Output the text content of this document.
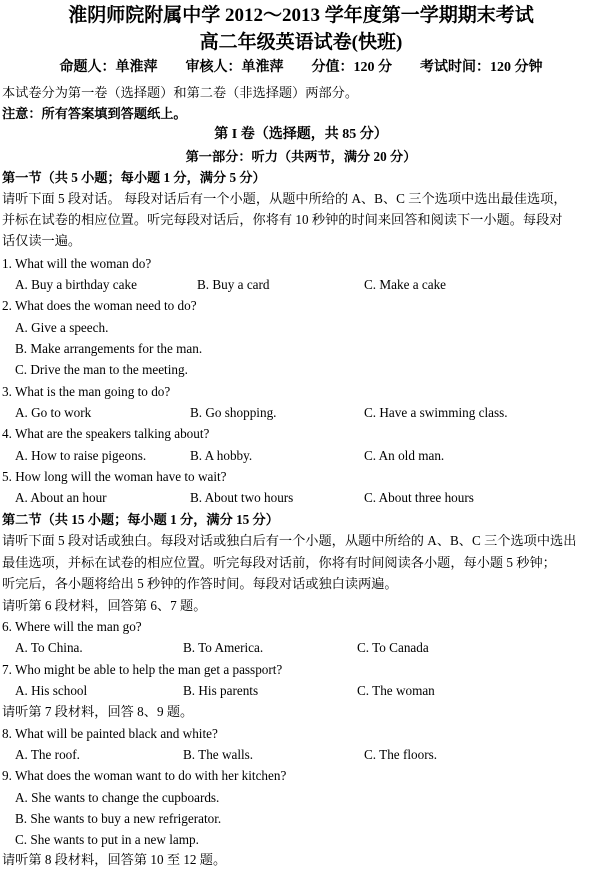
淮阴师院附属中学 2012～2013 学年度第一学期期末考试
高二年级英语试卷(快班)
命题人：单淮萍　　审核人：单淮萍　　分值：120 分　　考试时间：120 分钟
本试卷分为第一卷（选择题）和第二卷（非选择题）两部分。
注意：所有答案填到答题纸上。
第 I 卷（选择题，共 85 分）
第一部分：听力（共两节，满分 20 分）
第一节（共 5 小题；每小题 1 分，满分 5 分）
请听下面 5 段对话。 每段对话后有一个小题，从题中所给的 A、B、C 三个选项中选出最佳选项，
并标在试卷的相应位置。听完每段对话后，你将有 10 秒钟的时间来回答和阅读下一小题。每段对
话仅读一遍。
1. What will the woman do?
A. Buy a birthday cake	B. Buy a card	C. Make a cake
2. What does the woman need to do?
A. Give a speech.
B. Make arrangements for the man.
C. Drive the man to the meeting.
3. What is the man going to do?
A. Go to work	B. Go shopping.	C. Have a swimming class.
4. What are the speakers talking about?
A. How to raise pigeons.	B. A hobby.	C. An old man.
5. How long will the woman have to wait?
A. About an hour	B. About two hours	C. About three hours
第二节（共 15 小题；每小题 1 分，满分 15 分）
请听下面 5 段对话或独白。每段对话或独白后有一个小题，从题中所给的 A、B、C 三个选项中选出
最佳选项，并标在试卷的相应位置。听完每段对话前，你将有时间阅读各小题，每小题 5 秒钟；
听完后，各小题将给出 5 秒钟的作答时间。每段对话或独白读两遍。
请听第 6 段材料，回答第 6、7 题。
6. Where will the man go?
A. To China.	B. To America.	C. To Canada
7. Who might be able to help the man get a passport?
A. His school	B. His parents	C. The woman
请听第 7 段材料，回答 8、9 题。
8. What will be painted black and white?
A. The roof.	B. The walls.	C. The floors.
9. What does the woman want to do with her kitchen?
A. She wants to change the cupboards.
B. She wants to buy a new refrigerator.
C. She wants to put in a new lamp.
请听第 8 段材料，回答第 10 至 12 题。
